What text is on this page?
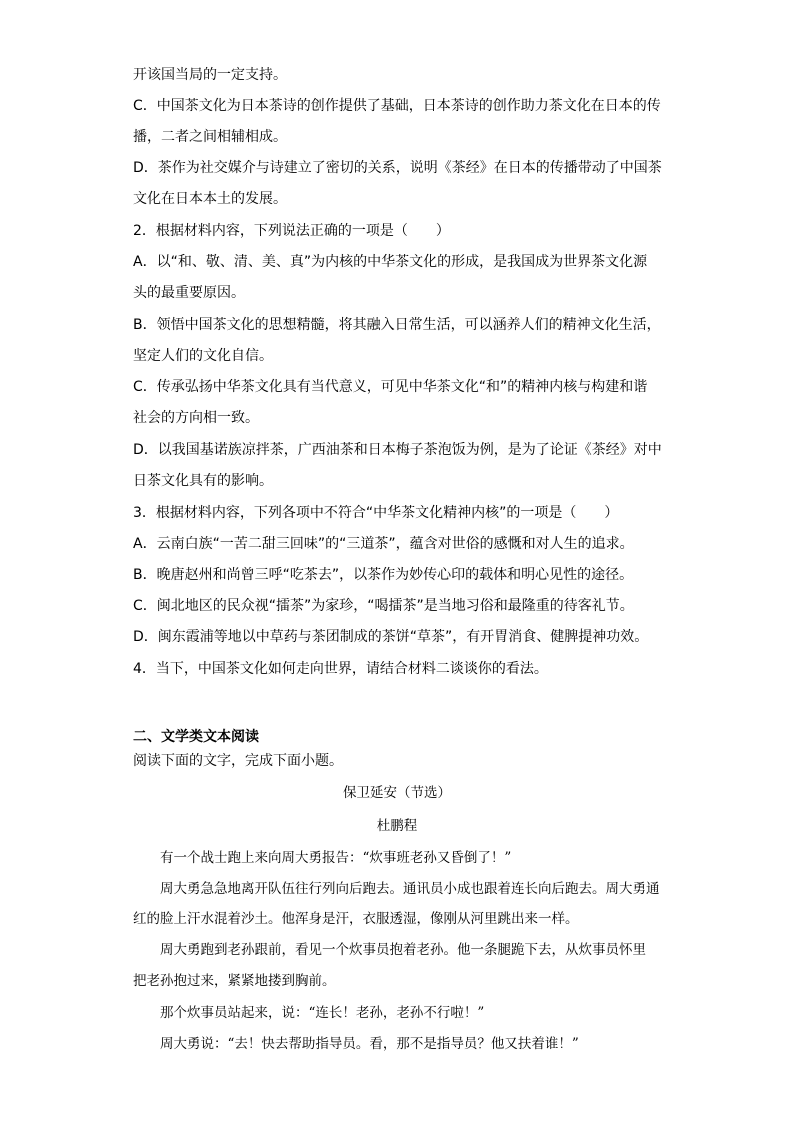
开该国当局的一定支持。

C．中国茶文化为日本茶诗的创作提供了基础，日本茶诗的创作助力茶文化在日本的传

播，二者之间相辅相成。

D．茶作为社交媒介与诗建立了密切的关系，说明《茶经》在日本的传播带动了中国茶

文化在日本本土的发展。

2．根据材料内容，下列说法正确的一项是（　　）

A．以“和、敬、清、美、真”为内核的中华茶文化的形成，是我国成为世界茶文化源

头的最重要原因。

B．领悟中国茶文化的思想精髓，将其融入日常生活，可以涵养人们的精神文化生活，

坚定人们的文化自信。

C．传承弘扬中华茶文化具有当代意义，可见中华茶文化“和”的精神内核与构建和谐

社会的方向相一致。

D．以我国基诺族凉拌茶，广西油茶和日本梅子茶泡饭为例，是为了论证《茶经》对中

日茶文化具有的影响。

3．根据材料内容，下列各项中不符合“中华茶文化精神内核”的一项是（　　）

A．云南白族“一苦二甜三回味”的“三道茶”，蕴含对世俗的感慨和对人生的追求。

B．晚唐赵州和尚曾三呼“吃茶去”，以茶作为妙传心印的载体和明心见性的途径。

C．闽北地区的民众视“擂茶”为家珍，“喝擂茶”是当地习俗和最隆重的待客礼节。

D．闽东霞浦等地以中草药与茶团制成的茶饼“草茶”，有开胃消食、健脾提神功效。

4．当下，中国茶文化如何走向世界，请结合材料二谈谈你的看法。

二、文学类文本阅读

阅读下面的文字，完成下面小题。

保卫延安（节选）

杜鹏程

有一个战士跑上来向周大勇报告：“炊事班老孙又昏倒了！”

周大勇急急地离开队伍往行列向后跑去。通讯员小成也跟着连长向后跑去。周大勇通

红的脸上汗水混着沙土。他浑身是汗，衣服透湿，像刚从河里跳出来一样。

周大勇跑到老孙跟前，看见一个炊事员抱着老孙。他一条腿跪下去，从炊事员怀里

把老孙抱过来，紧紧地搂到胸前。

那个炊事员站起来，说：“连长！老孙，老孙不行啦！”

周大勇说：“去！快去帮助指导员。看，那不是指导员？他又扶着谁！”
